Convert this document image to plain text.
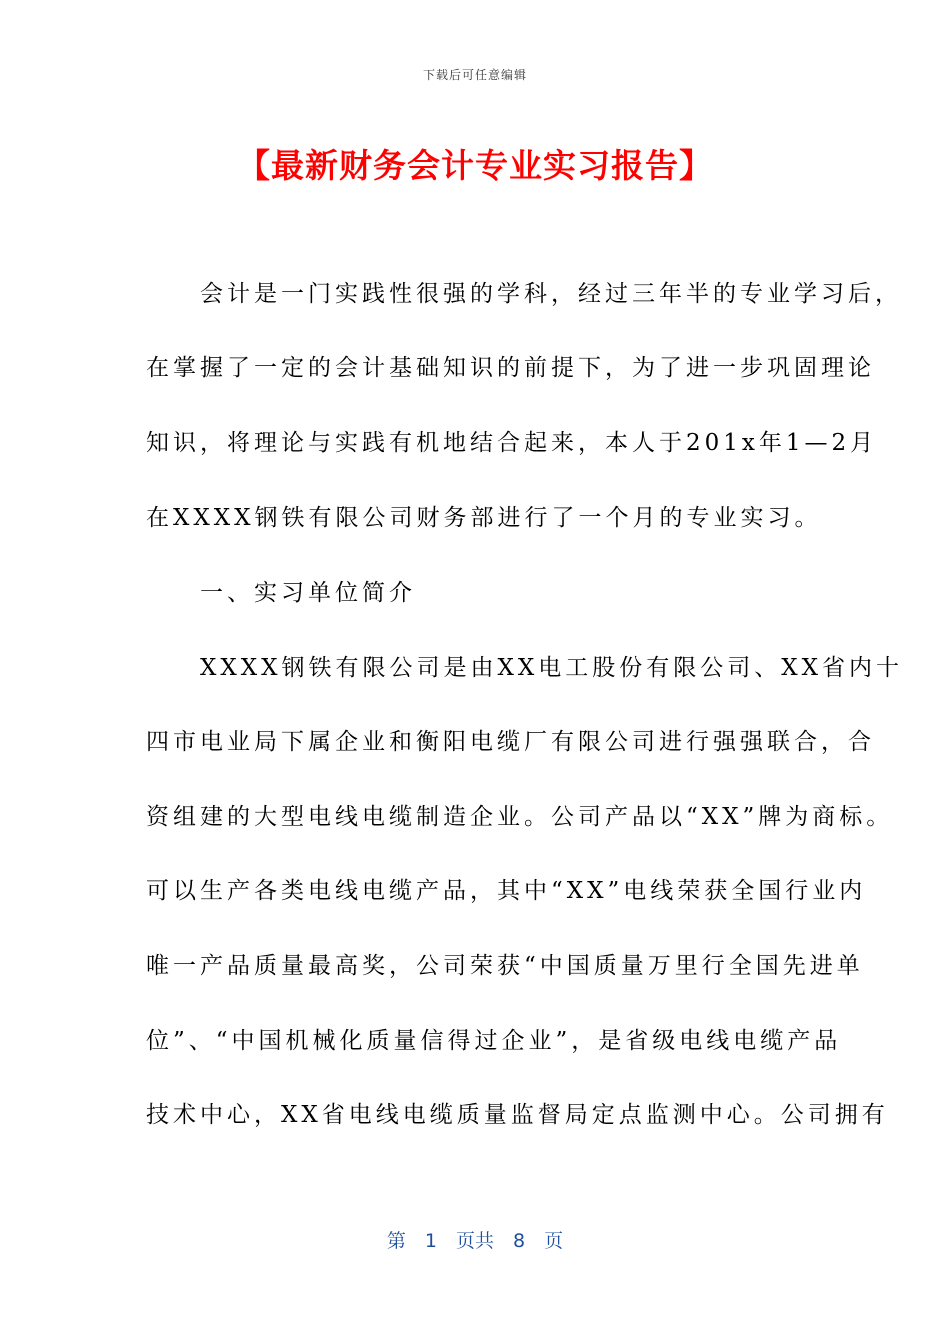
下载后可任意编辑
【最新财务会计专业实习报告】
　　会计是一门实践性很强的学科，经过三年半的专业学习后，
在掌握了一定的会计基础知识的前提下，为了进一步巩固理论
知识，将理论与实践有机地结合起来，本人于201x年1—2月
在XXXX钢铁有限公司财务部进行了一个月的专业实习。
　　一、实习单位简介
　　XXXX钢铁有限公司是由XX电工股份有限公司、XX省内十
四市电业局下属企业和衡阳电缆厂有限公司进行强强联合，合
资组建的大型电线电缆制造企业。公司产品以“XX”牌为商标。
可以生产各类电线电缆产品，其中“XX”电线荣获全国行业内
唯一产品质量最高奖，公司荣获“中国质量万里行全国先进单
位”、“中国机械化质量信得过企业”，是省级电线电缆产品
技术中心，XX省电线电缆质量监督局定点监测中心。公司拥有
第　1　页共　8　页
